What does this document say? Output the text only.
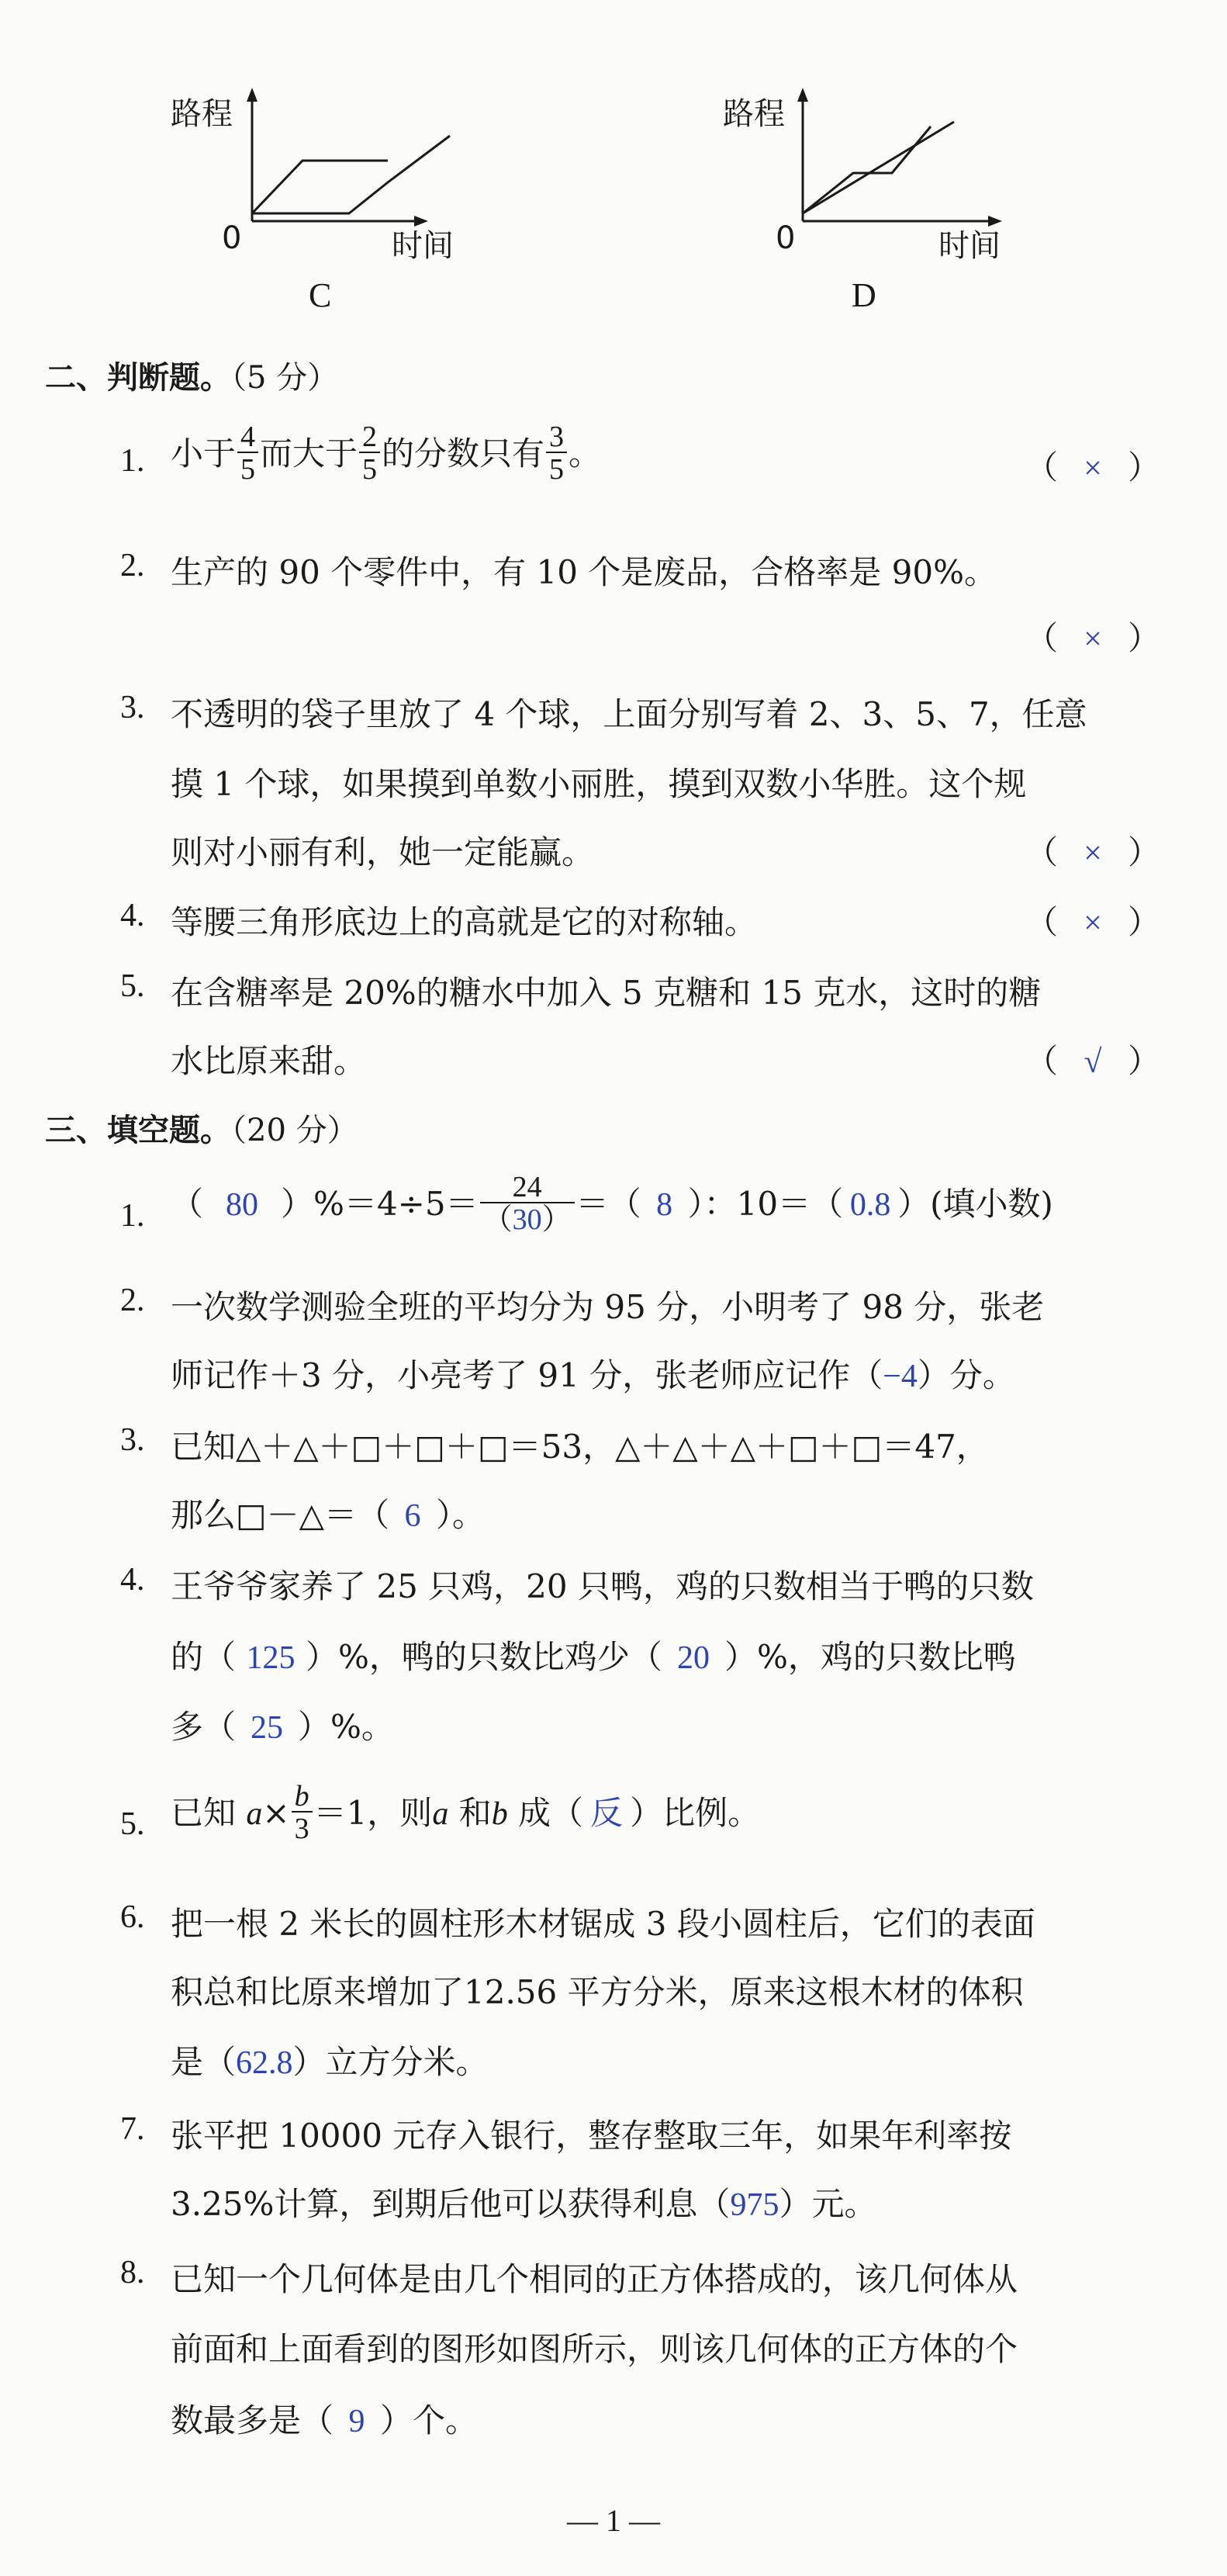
路程
0	时间
C
路程
0	时间
D
二、判断题。（5 分）
1. 小于 $\frac{4}{5}$ 而大于 $\frac{2}{5}$ 的分数只有 $\frac{3}{5}$ 。	（ × ）
2. 生产的 90 个零件中，有 10 个是废品，合格率是 90%。
（ × ）
3. 不透明的袋子里放了 4 个球，上面分别写着 2、3、5、7，任意
摸 1 个球，如果摸到单数小丽胜，摸到双数小华胜。这个规
则对小丽有利，她一定能赢。	（ × ）
4. 等腰三角形底边上的高就是它的对称轴。	（ × ）
5. 在含糖率是 20%的糖水中加入 5 克糖和 15 克水，这时的糖
水比原来甜。	（ √ ）
三、填空题。（20 分）
1. （ 80 ）$\%=4\div 5= \frac{24}{(30)}$ ＝（ 8 ）：10＝（ 0.8 ）(填小数)
2. 一次数学测验全班的平均分为 95 分，小明考了 98 分，张老
师记作＋3 分，小亮考了 91 分，张老师应记作（−4）分。
3. 已知△＋△＋□＋□＋□＝53，△＋△＋△＋□＋□＝47，
那么□－△＝（ 6 ）。
4. 王爷爷家养了 25 只鸡，20 只鸭，鸡的只数相当于鸭的只数
的（ 125 ）%，鸭的只数比鸡少（ 20 ）%，鸡的只数比鸭
多（ 25 ）%。
5. 已知 $a\times \frac{b}{3} =1$，则a 和b 成（ 反 ）比例。
6. 把一根 2 米长的圆柱形木材锯成 3 段小圆柱后，它们的表面
积总和比原来增加了12.56 平方分米，原来这根木材的体积
是（62.8）立方分米。
7. 张平把 10000 元存入银行，整存整取三年，如果年利率按
3.25%计算，到期后他可以获得利息（975）元。
8. 已知一个几何体是由几个相同的正方体搭成的，该几何体从
前面和上面看到的图形如图所示，则该几何体的正方体的个
数最多是（ 9 ）个。
— 1 —
